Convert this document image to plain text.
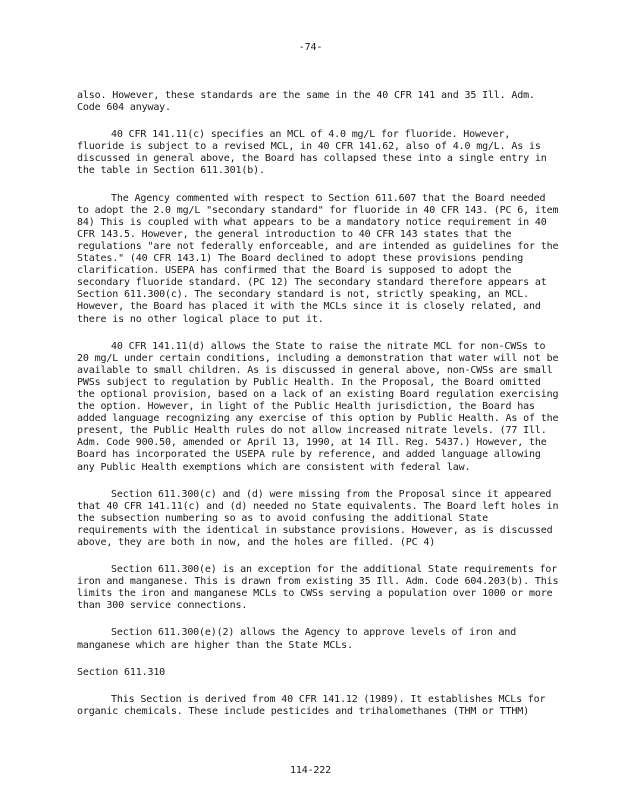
-74-

also. However, these standards are the same in the 40 CFR 141 and 35 Ill. Adm. Code 604 anyway.

40 CFR 141.11(c) specifies an MCL of 4.0 mg/L for fluoride. However, fluoride is subject to a revised MCL, in 40 CFR 141.62, also of 4.0 mg/L. As is discussed in general above, the Board has collapsed these into a single entry in the table in Section 611.301(b).

The Agency commented with respect to Section 611.607 that the Board needed to adopt the 2.0 mg/L "secondary standard" for fluoride in 40 CFR 143. (PC 6, item 84) This is coupled with what appears to be a mandatory notice requirement in 40 CFR 143.5. However, the general introduction to 40 CFR 143 states that the regulations "are not federally enforceable, and are intended as guidelines for the States." (40 CFR 143.1) The Board declined to adopt these provisions pending clarification. USEPA has confirmed that the Board is supposed to adopt the secondary fluoride standard. (PC 12) The secondary standard therefore appears at Section 611.300(c). The secondary standard is not, strictly speaking, an MCL. However, the Board has placed it with the MCLs since it is closely related, and there is no other logical place to put it.

40 CFR 141.11(d) allows the State to raise the nitrate MCL for non-CWSs to 20 mg/L under certain conditions, including a demonstration that water will not be available to small children. As is discussed in general above, non-CWSs are small PWSs subject to regulation by Public Health. In the Proposal, the Board omitted the optional provision, based on a lack of an existing Board regulation exercising the option. However, in light of the Public Health jurisdiction, the Board has added language recognizing any exercise of this option by Public Health. As of the present, the Public Health rules do not allow increased nitrate levels. (77 Ill. Adm. Code 900.50, amended or April 13, 1990, at 14 Ill. Reg. 5437.) However, the Board has incorporated the USEPA rule by reference, and added language allowing any Public Health exemptions which are consistent with federal law.

Section 611.300(c) and (d) were missing from the Proposal since it appeared that 40 CFR 141.11(c) and (d) needed no State equivalents. The Board left holes in the subsection numbering so as to avoid confusing the additional State requirements with the identical in substance provisions. However, as is discussed above, they are both in now, and the holes are filled. (PC 4)

Section 611.300(e) is an exception for the additional State requirements for iron and manganese. This is drawn from existing 35 Ill. Adm. Code 604.203(b). This limits the iron and manganese MCLs to CWSs serving a population over 1000 or more than 300 service connections.

Section 611.300(e)(2) allows the Agency to approve levels of iron and manganese which are higher than the State MCLs.

Section 611.310

This Section is derived from 40 CFR 141.12 (1989). It establishes MCLs for organic chemicals. These include pesticides and trihalomethanes (THM or TTHM)

114-222
